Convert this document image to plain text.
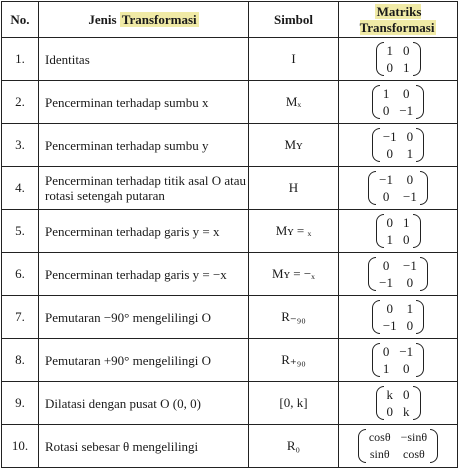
No.	Jenis Transformasi	Simbol	Matriks Transformasi
1.	Identitas	I	1 0
0 1

2.	Pencerminan terhadap sumbu x	Mₓ	1 0
0 −1

3.	Pencerminan terhadap sumbu y	Mʏ	−1 0
0 1

4.	Pencerminan terhadap titik asal O atau rotasi setengah putaran	H	−1 0
0 −1

5.	Pencerminan terhadap garis y = x	Mʏ = ₓ	0 1
1 0

6.	Pencerminan terhadap garis y = −x	Mʏ = −ₓ	0 −1
−1 0

7.	Pemutaran −90° mengelilingi O	R₋₉₀	0 1
−1 0

8.	Pemutaran +90° mengelilingi O	R₊₉₀	0 −1
1 0

9.	Dilatasi dengan pusat O (0, 0)	[0, k]	k 0
0 k

10.	Rotasi sebesar θ mengelilingi	R₀	cosθ −sinθ
sinθ cosθ
